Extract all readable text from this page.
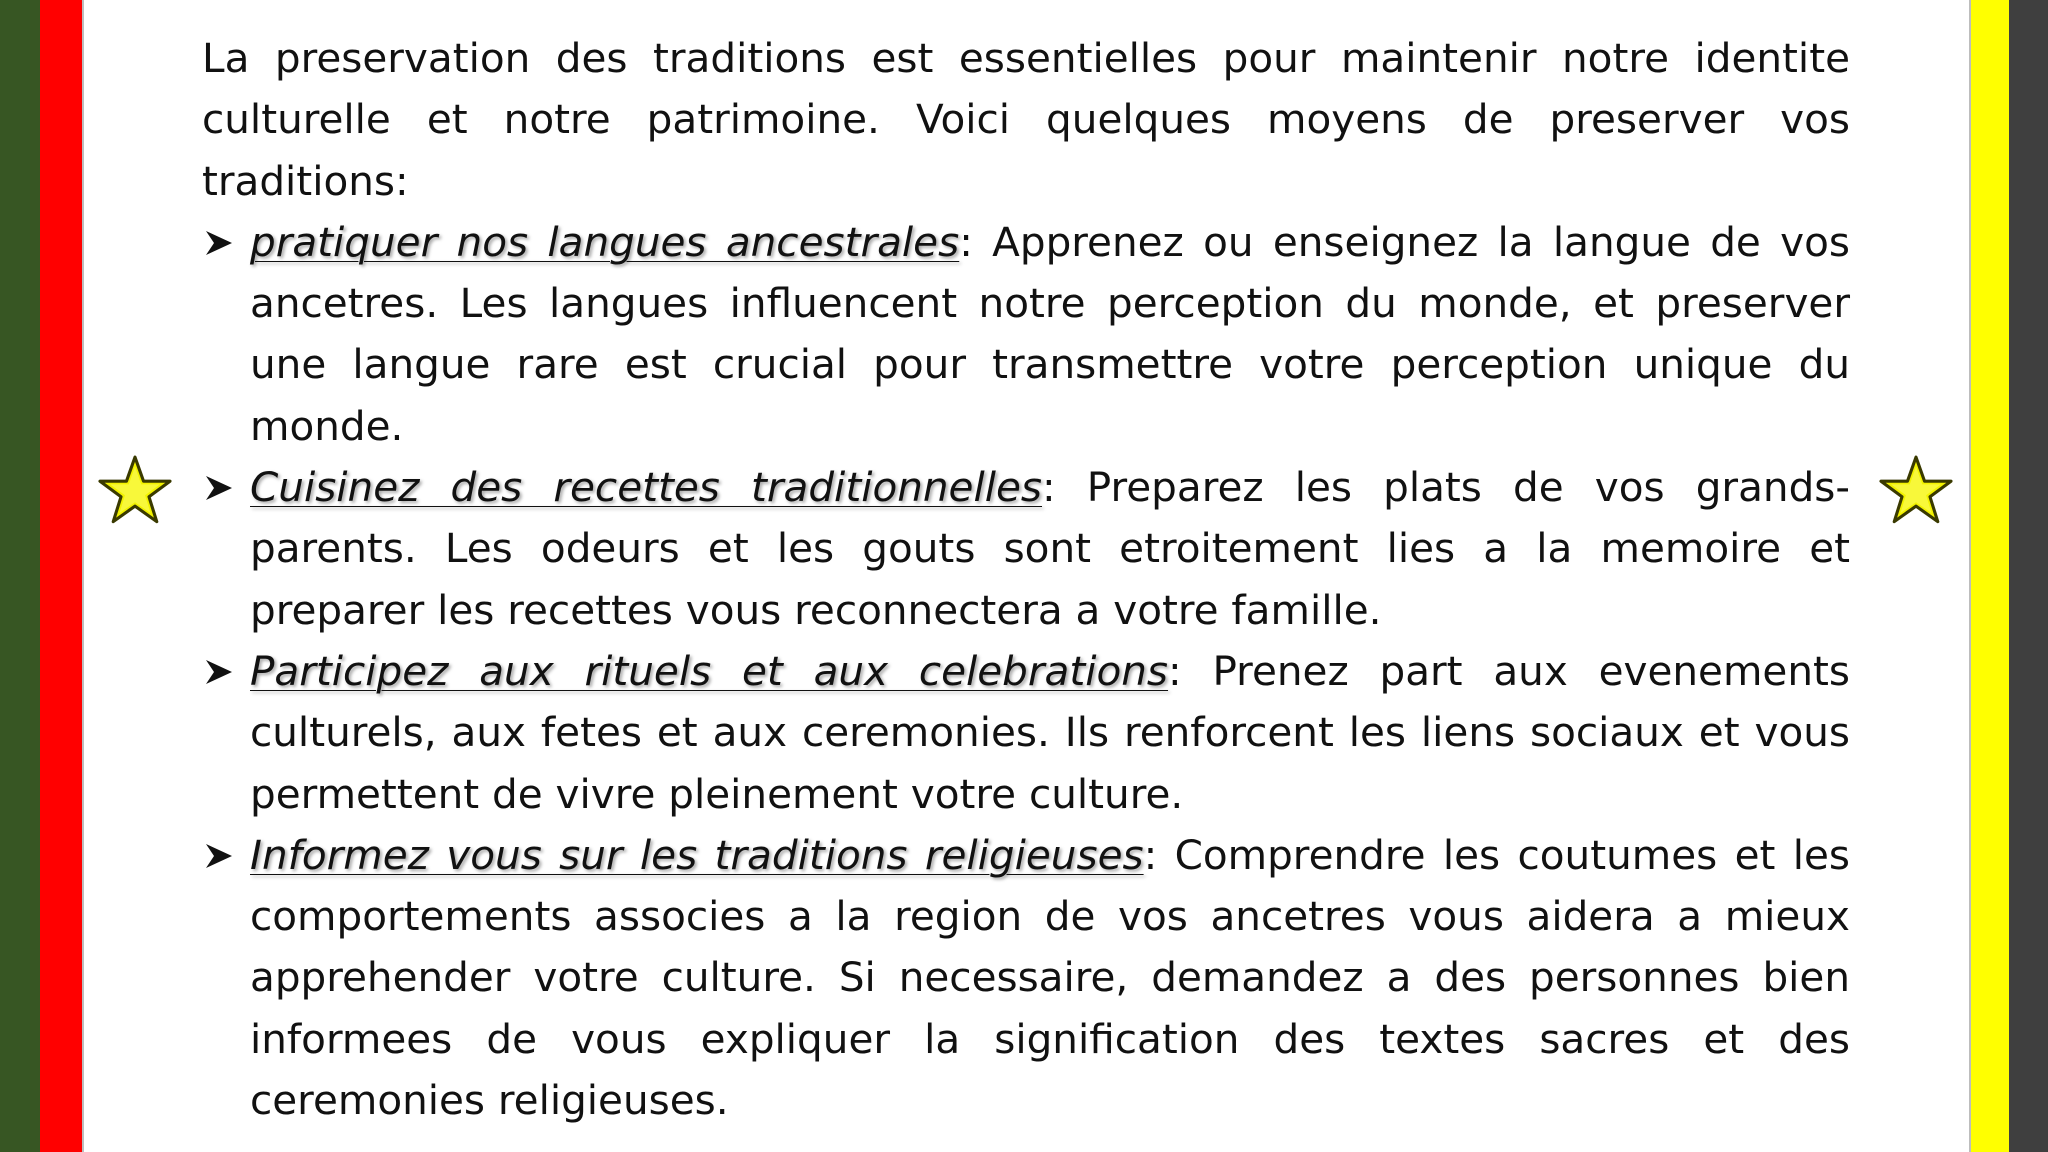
La preservation des traditions est essentielles pour maintenir notre identite culturelle et notre patrimoine. Voici quelques moyens de preserver vos traditions:

pratiquer nos langues ancestrales: Apprenez ou enseignez la langue de vos ancetres. Les langues influencent notre perception du monde, et preserver une langue rare est crucial pour transmettre votre perception unique du monde.
Cuisinez des recettes traditionnelles: Preparez les plats de vos grands-parents. Les odeurs et les gouts sont etroitement lies a la memoire et preparer les recettes vous reconnectera a votre famille.
Participez aux rituels et aux celebrations: Prenez part aux evenements culturels, aux fetes et aux ceremonies. Ils renforcent les liens sociaux et vous permettent de vivre pleinement votre culture.
Informez vous sur les traditions religieuses: Comprendre les coutumes et les comportements associes a la region de vos ancetres vous aidera a mieux apprehender votre culture. Si necessaire, demandez a des personnes bien informees de vous expliquer la signification des textes sacres et des ceremonies religieuses.
